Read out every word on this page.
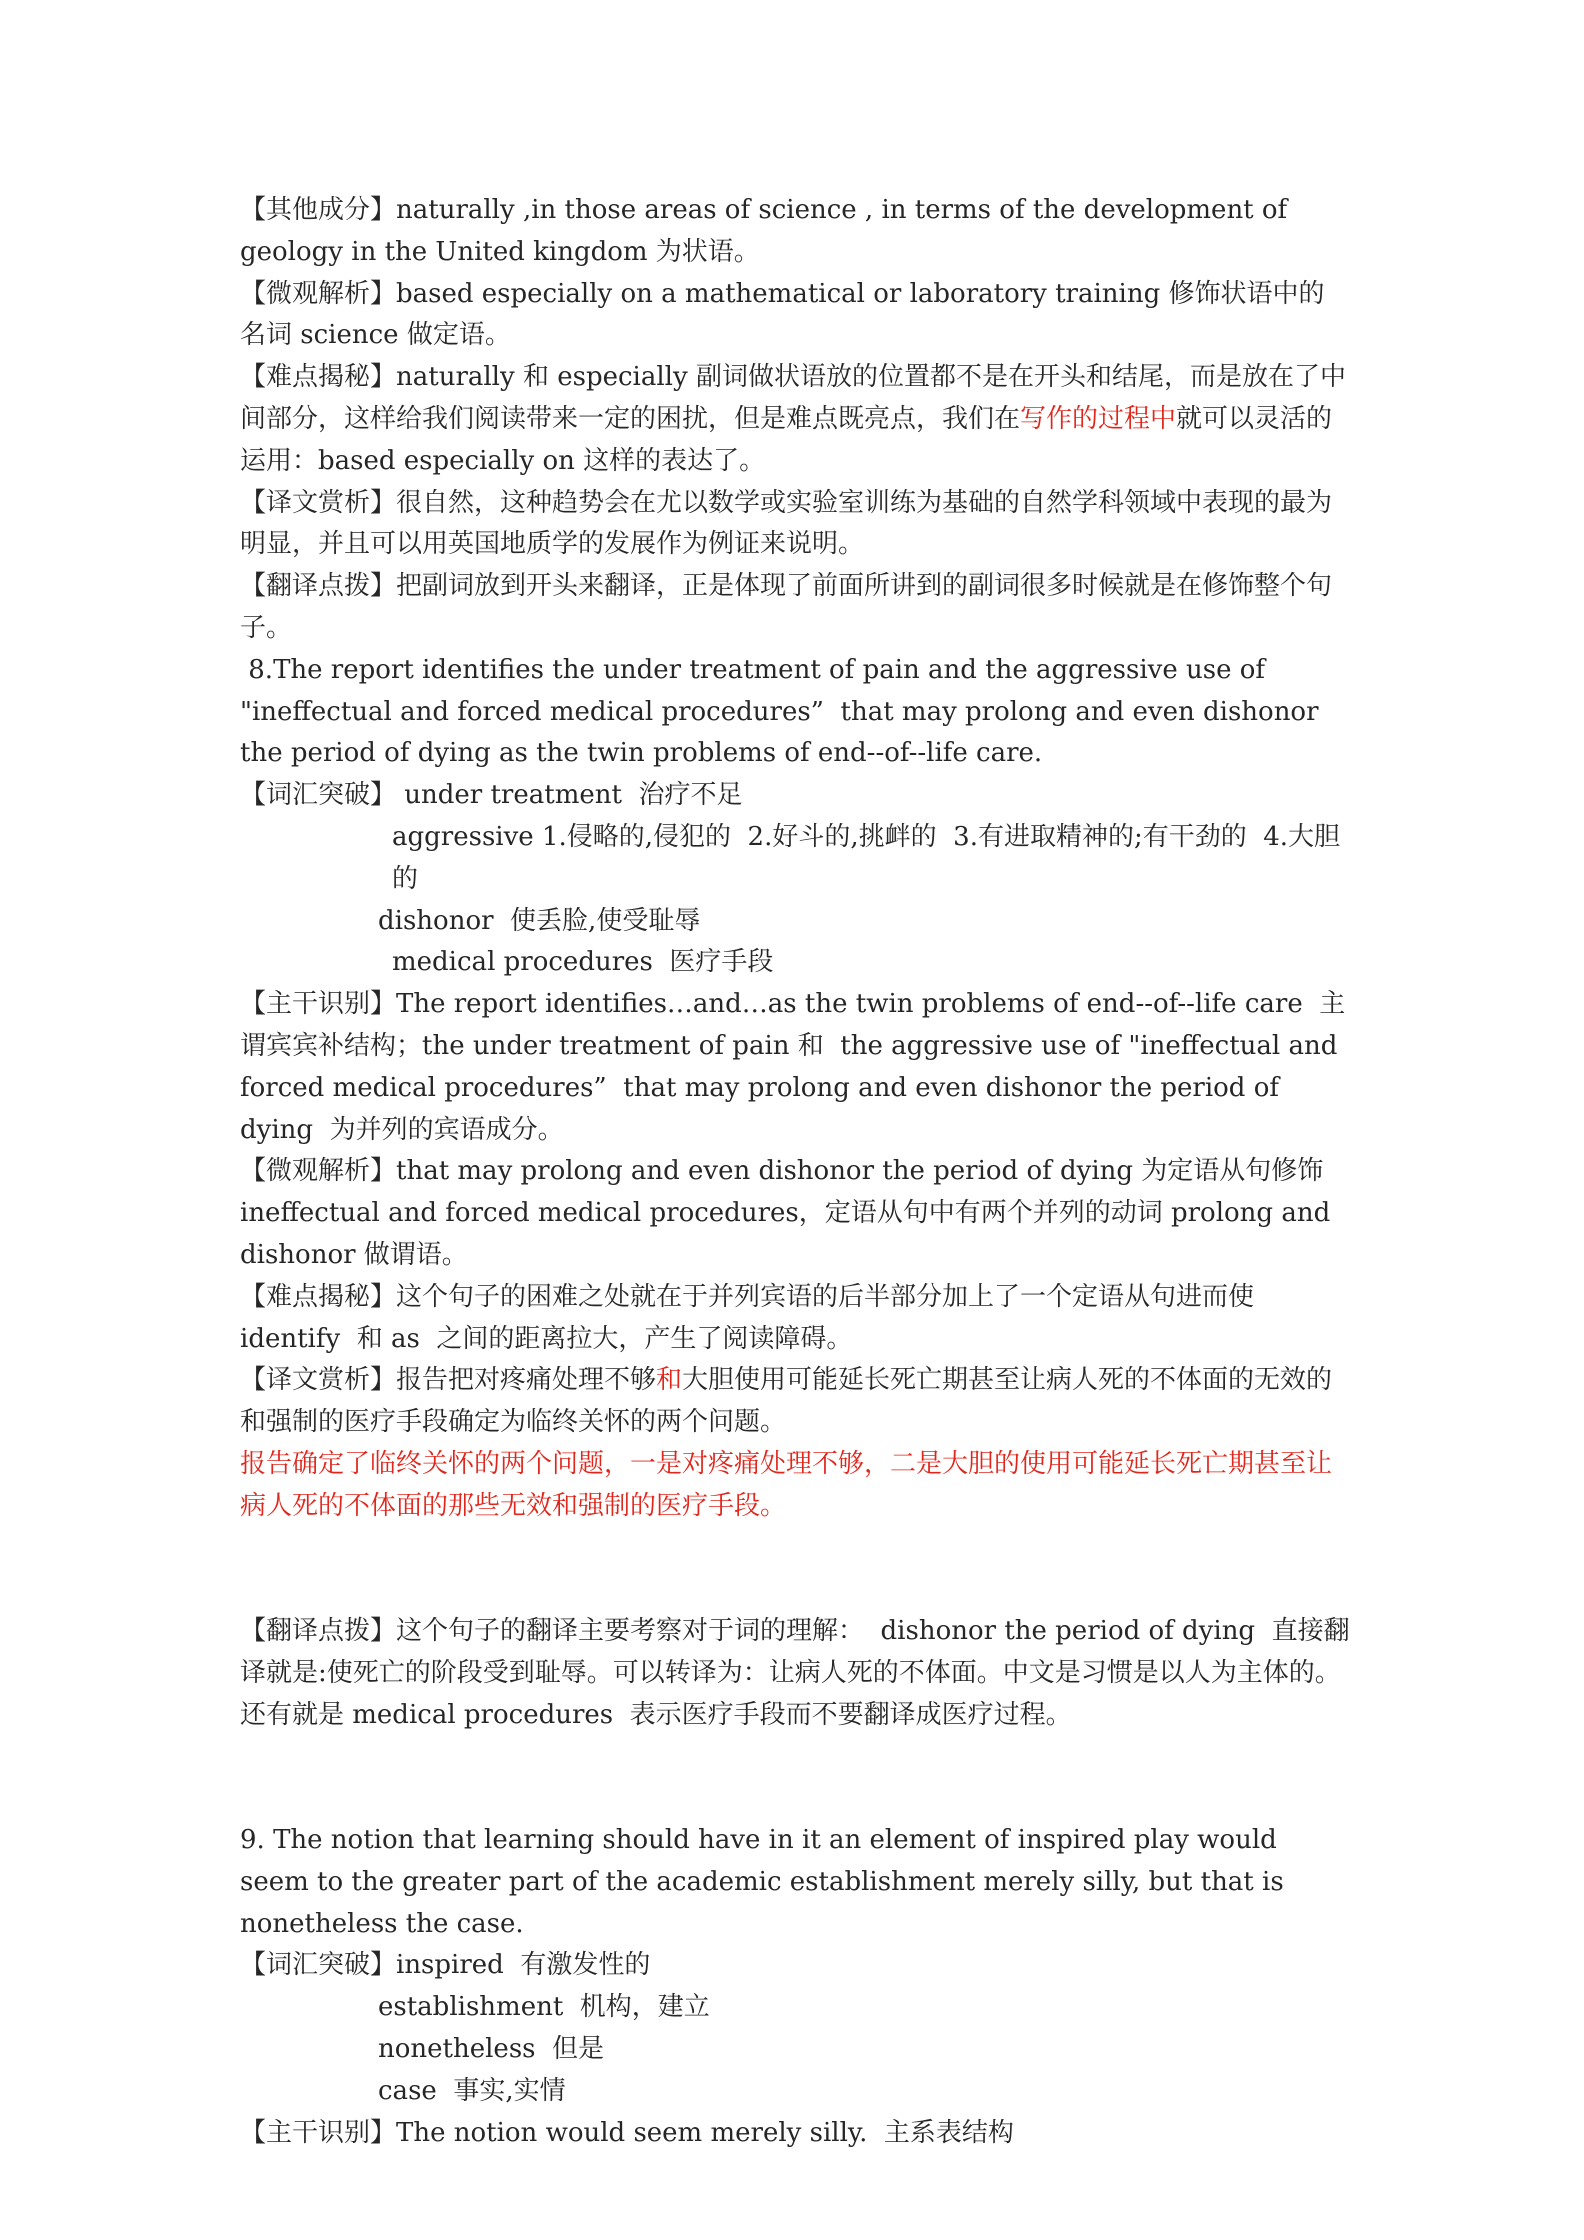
【其他成分】naturally ,in those areas of science , in terms of the development of geology in the United kingdom 为状语。

【微观解析】based especially on a mathematical or laboratory training 修饰状语中的名词 science 做定语。

【难点揭秘】naturally 和 especially 副词做状语放的位置都不是在开头和结尾，而是放在了中间部分，这样给我们阅读带来一定的困扰，但是难点既亮点，我们在写作的过程中就可以灵活的运用：based especially on 这样的表达了。

【译文赏析】很自然，这种趋势会在尤以数学或实验室训练为基础的自然学科领域中表现的最为明显，并且可以用英国地质学的发展作为例证来说明。

【翻译点拨】把副词放到开头来翻译，正是体现了前面所讲到的副词很多时候就是在修饰整个句子。

8.The report identifies the under treatment of pain and the aggressive use of "ineffectual and forced medical procedures”  that may prolong and even dishonor the period of dying as the twin problems of end--of--life care.

【词汇突破】 under treatment  治疗不足

aggressive 1.侵略的,侵犯的  2.好斗的,挑衅的  3.有进取精神的;有干劲的  4.大胆的

dishonor  使丢脸,使受耻辱

medical procedures  医疗手段

【主干识别】The report identifies…and…as the twin problems of end--of--life care  主谓宾宾补结构；the under treatment of pain 和  the aggressive use of "ineffectual and forced medical procedures”  that may prolong and even dishonor the period of dying  为并列的宾语成分。

【微观解析】that may prolong and even dishonor the period of dying 为定语从句修饰 ineffectual and forced medical procedures，定语从句中有两个并列的动词 prolong and dishonor 做谓语。

【难点揭秘】这个句子的困难之处就在于并列宾语的后半部分加上了一个定语从句进而使 identify  和 as  之间的距离拉大，产生了阅读障碍。

【译文赏析】报告把对疼痛处理不够和大胆使用可能延长死亡期甚至让病人死的不体面的无效的和强制的医疗手段确定为临终关怀的两个问题。

报告确定了临终关怀的两个问题，一是对疼痛处理不够，二是大胆的使用可能延长死亡期甚至让病人死的不体面的那些无效和强制的医疗手段。

【翻译点拨】这个句子的翻译主要考察对于词的理解：  dishonor the period of dying  直接翻译就是:使死亡的阶段受到耻辱。可以转译为：让病人死的不体面。中文是习惯是以人为主体的。还有就是 medical procedures  表示医疗手段而不要翻译成医疗过程。

9. The notion that learning should have in it an element of inspired play would seem to the greater part of the academic establishment merely silly, but that is nonetheless the case.

【词汇突破】inspired  有激发性的

establishment  机构，建立

nonetheless  但是

case  事实,实情

【主干识别】The notion would seem merely silly.  主系表结构
